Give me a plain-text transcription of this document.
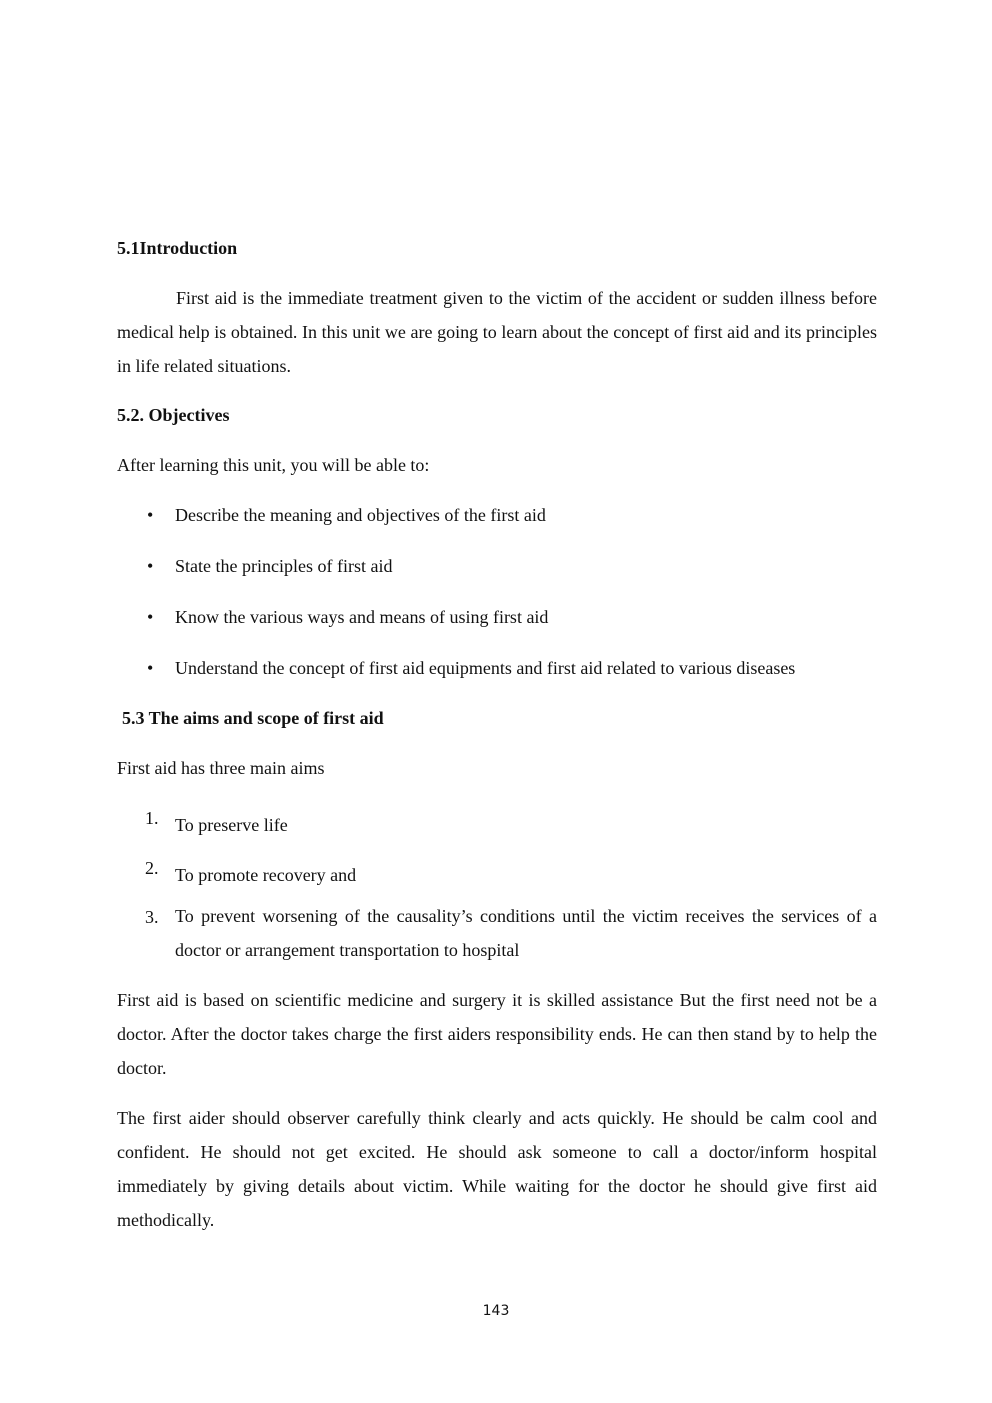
5.1Introduction
First aid is the immediate treatment given to the victim of the accident or sudden illness before medical help is obtained. In this unit we are going to learn about the concept of first aid and its principles in life related situations.
5.2. Objectives
After learning this unit, you will be able to:
• Describe the meaning and objectives of the first aid
• State the principles of first aid
• Know the various ways and means of using first aid
• Understand the concept of first aid equipments and first aid related to various diseases
5.3 The aims and scope of first aid
First aid has three main aims
1. To preserve life
2. To promote recovery and
3. To prevent worsening of the causality’s conditions until the victim receives the services of a doctor or arrangement transportation to hospital
First aid is based on scientific medicine and surgery it is skilled assistance But the first need not be a doctor. After the doctor takes charge the first aiders responsibility ends. He can then stand by to help the doctor.
The first aider should observer carefully think clearly and acts quickly. He should be calm cool and confident. He should not get excited. He should ask someone to call a doctor/inform hospital immediately by giving details about victim. While waiting for the doctor he should give first aid methodically.
143
